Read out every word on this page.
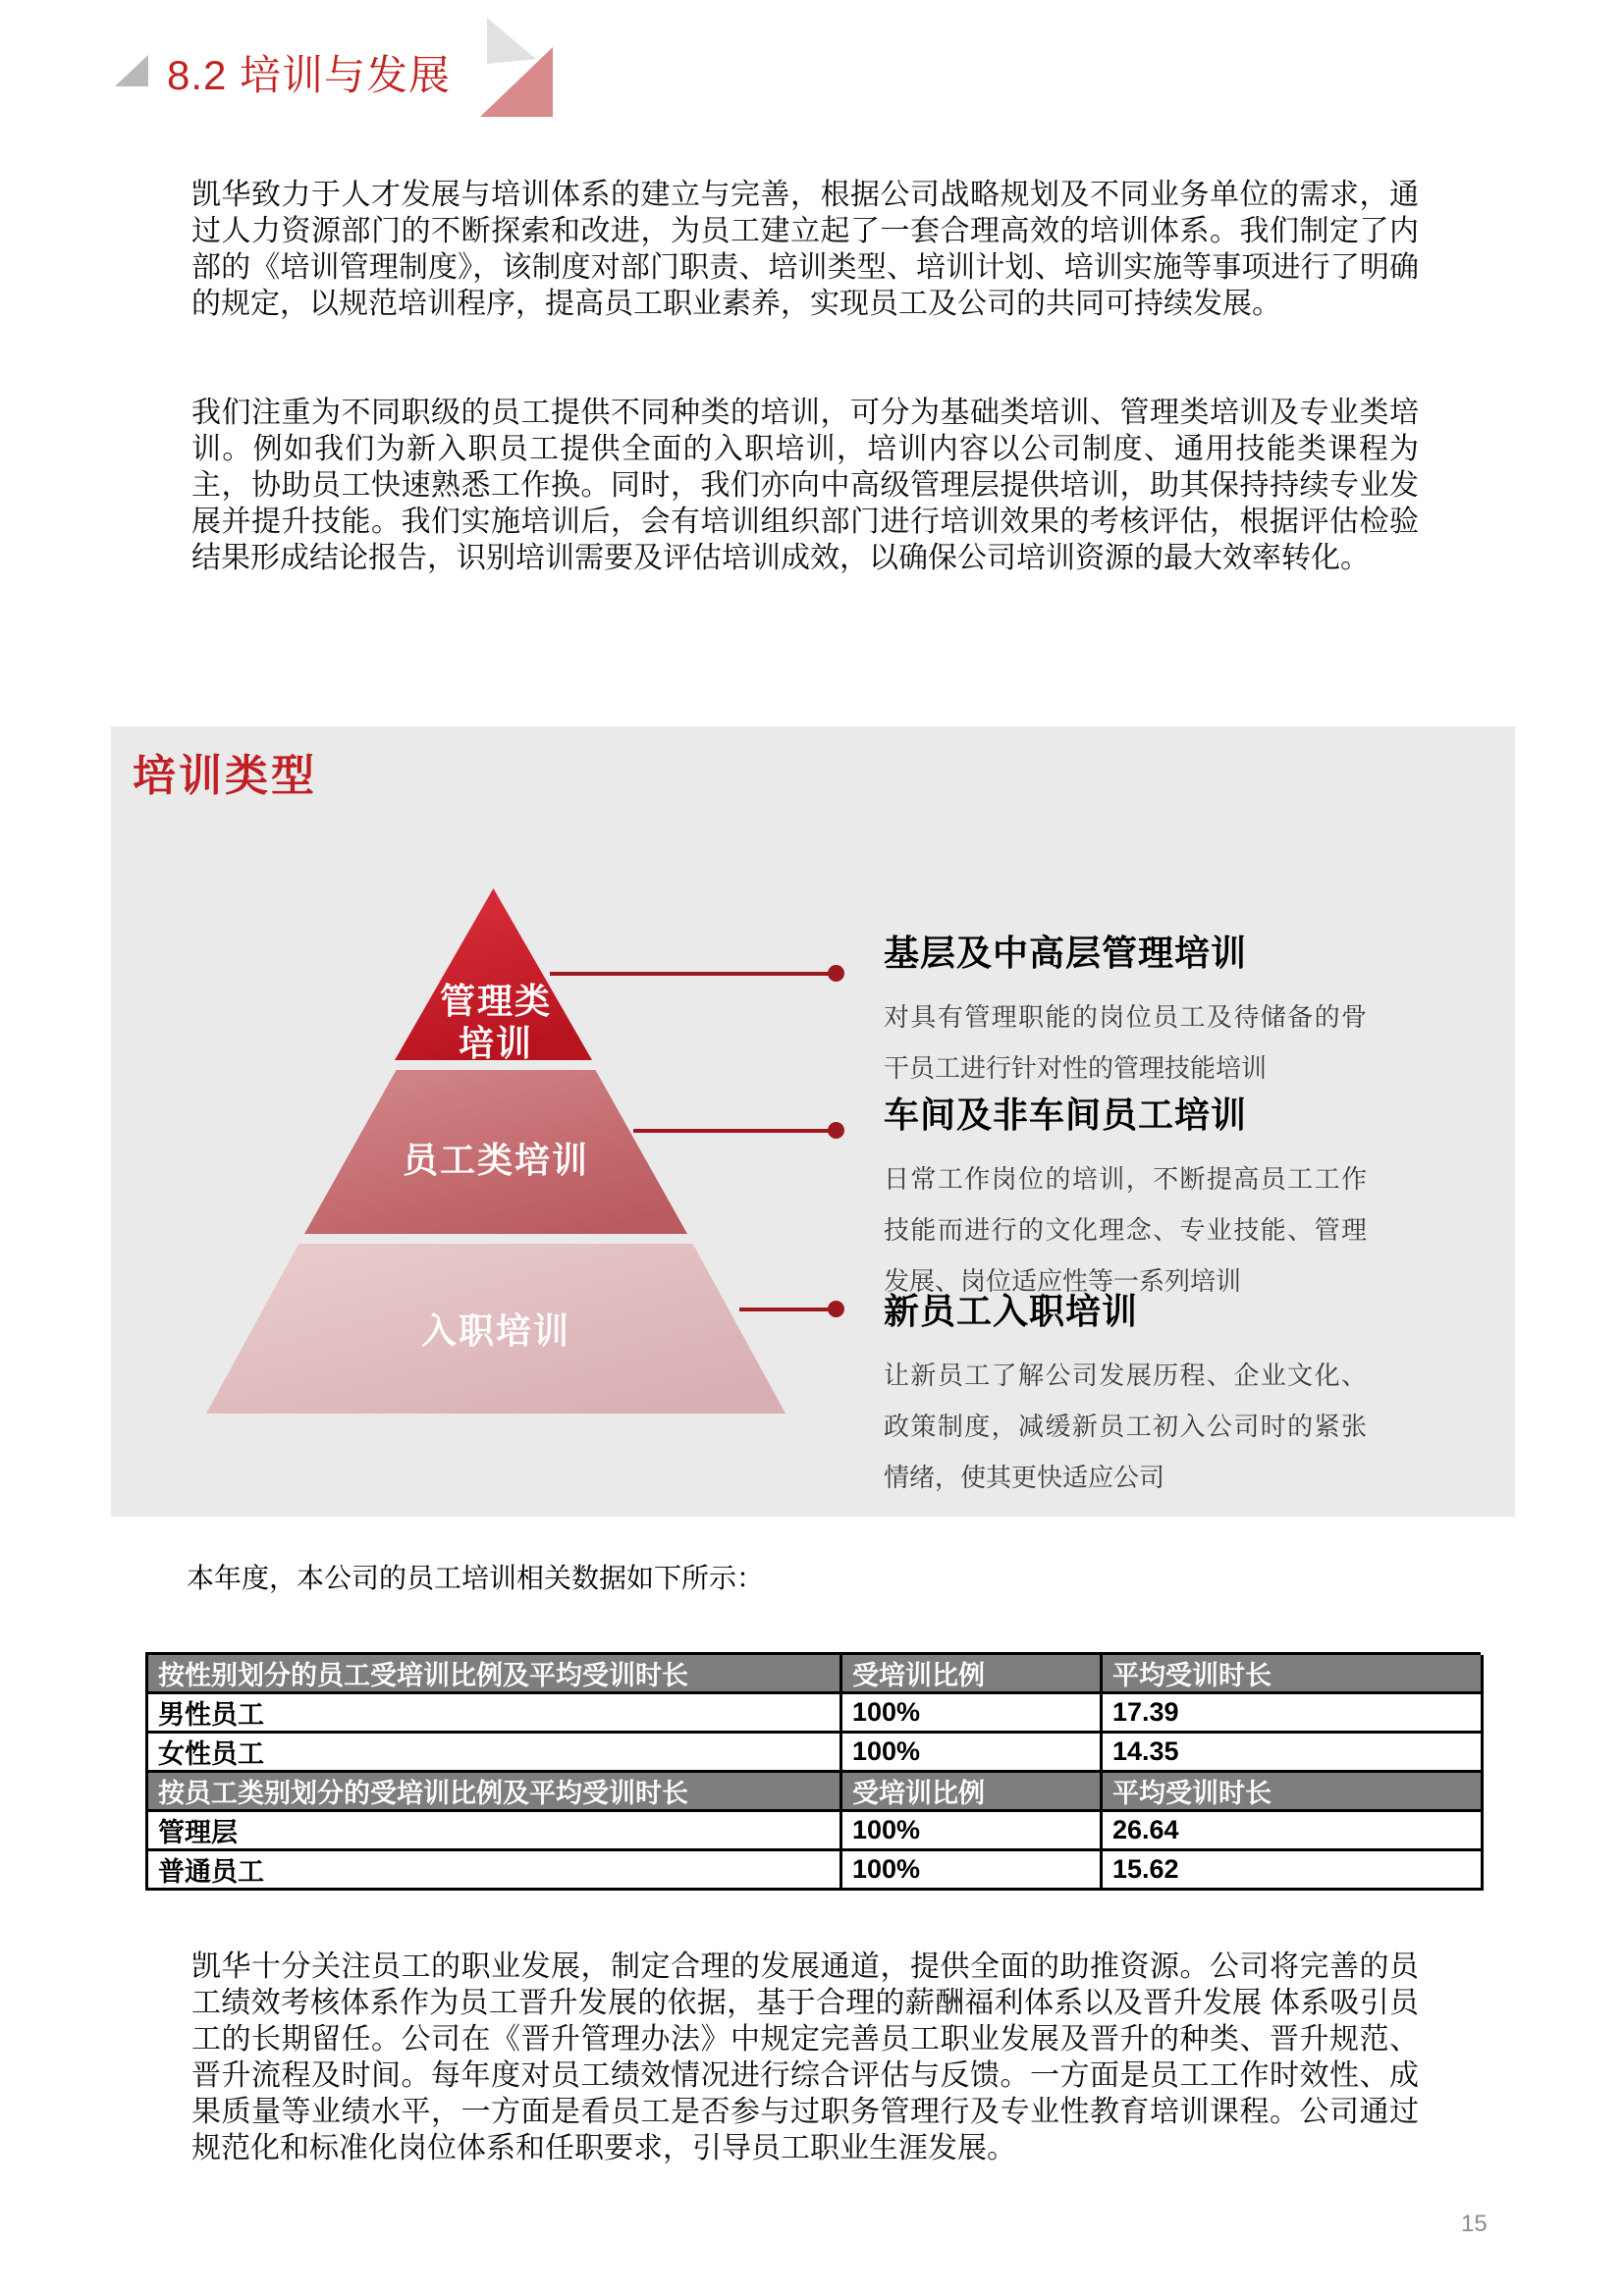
8.2 培训与发展

凯华致力于人才发展与培训体系的建立与完善，根据公司战略规划及不同业务单位的需求，通过人力资源部门的不断探索和改进，为员工建立起了一套合理高效的培训体系。我们制定了内部的《培训管理制度》，该制度对部门职责、培训类型、培训计划、培训实施等事项进行了明确的规定，以规范培训程序，提高员工职业素养，实现员工及公司的共同可持续发展。

我们注重为不同职级的员工提供不同种类的培训，可分为基础类培训、管理类培训及专业类培训。例如我们为新入职员工提供全面的入职培训，培训内容以公司制度、通用技能类课程为主，协助员工快速熟悉工作换。同时，我们亦向中高级管理层提供培训，助其保持持续专业发展并提升技能。我们实施培训后，会有培训组织部门进行培训效果的考核评估，根据评估检验结果形成结论报告，识别培训需要及评估培训成效，以确保公司培训资源的最大效率转化。

培训类型
管理类培训
员工类培训
入职培训
基层及中高层管理培训

对具有管理职能的岗位员工及待储备的骨干员工进行针对性的管理技能培训

车间及非车间员工培训

日常工作岗位的培训，不断提高员工工作技能而进行的文化理念、专业技能、管理发展、岗位适应性等一系列培训

新员工入职培训

让新员工了解公司发展历程、企业文化、政策制度，减缓新员工初入公司时的紧张情绪，使其更快适应公司

本年度，本公司的员工培训相关数据如下所示：

按性别划分的员工受培训比例及平均受训时长	受培训比例	平均受训时长
男性员工	100%	17.39
女性员工	100%	14.35
按员工类别划分的受培训比例及平均受训时长	受培训比例	平均受训时长
管理层	100%	26.64
普通员工	100%	15.62

凯华十分关注员工的职业发展，制定合理的发展通道，提供全面的助推资源。公司将完善的员工绩效考核体系作为员工晋升发展的依据，基于合理的薪酬福利体系以及晋升发展 体系吸引员工的长期留任。公司在《晋升管理办法》中规定完善员工职业发展及晋升的种类、晋升规范、晋升流程及时间。每年度对员工绩效情况进行综合评估与反馈。一方面是员工工作时效性、成果质量等业绩水平，一方面是看员工是否参与过职务管理行及专业性教育培训课程。公司通过规范化和标准化岗位体系和任职要求，引导员工职业生涯发展。

15
